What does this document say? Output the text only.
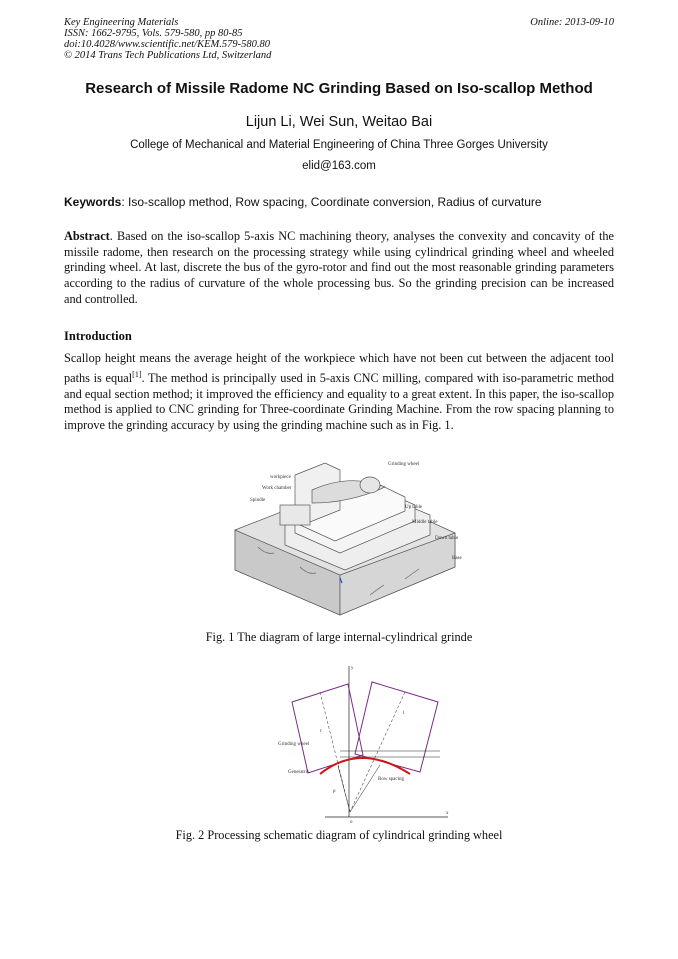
Key Engineering Materials
ISSN: 1662-9795, Vols. 579-580, pp 80-85
doi:10.4028/www.scientific.net/KEM.579-580.80
© 2014 Trans Tech Publications Ltd, Switzerland
Online: 2013-09-10
Research of Missile Radome NC Grinding Based on Iso-scallop Method
Lijun Li, Wei Sun, Weitao Bai
College of Mechanical and Material Engineering of China Three Gorges University
elid@163.com
Keywords: Iso-scallop method, Row spacing, Coordinate conversion, Radius of curvature
Abstract. Based on the iso-scallop 5-axis NC machining theory, analyses the convexity and concavity of the missile radome, then research on the processing strategy while using cylindrical grinding wheel and wheeled grinding wheel. At last, discrete the bus of the gyro-rotor and find out the most reasonable grinding parameters according to the radius of curvature of the whole processing bus. So the grinding precision can be increased and controlled.
Introduction
Scallop height means the average height of the workpiece which have not been cut between the adjacent tool paths is equal[1]. The method is principally used in 5-axis CNC milling, compared with iso-parametric method and equal section method; it improved the efficiency and equality to a great extent. In this paper, the iso-scallop method is applied to CNC grinding for Three-coordinate Grinding Machine. From the row spacing planning to improve the grinding accuracy by using the grinding machine such as in Fig. 1.
Grinding wheel
workpiece
Work chamber
Spindle
Up table
Middle table
Down table
Base
Fig. 1 The diagram of large internal-cylindrical grinde
y
x
o
Grinding wheel
Generatrix
Row spacing
r
l
ρ
Fig. 2 Processing schematic diagram of cylindrical grinding wheel
